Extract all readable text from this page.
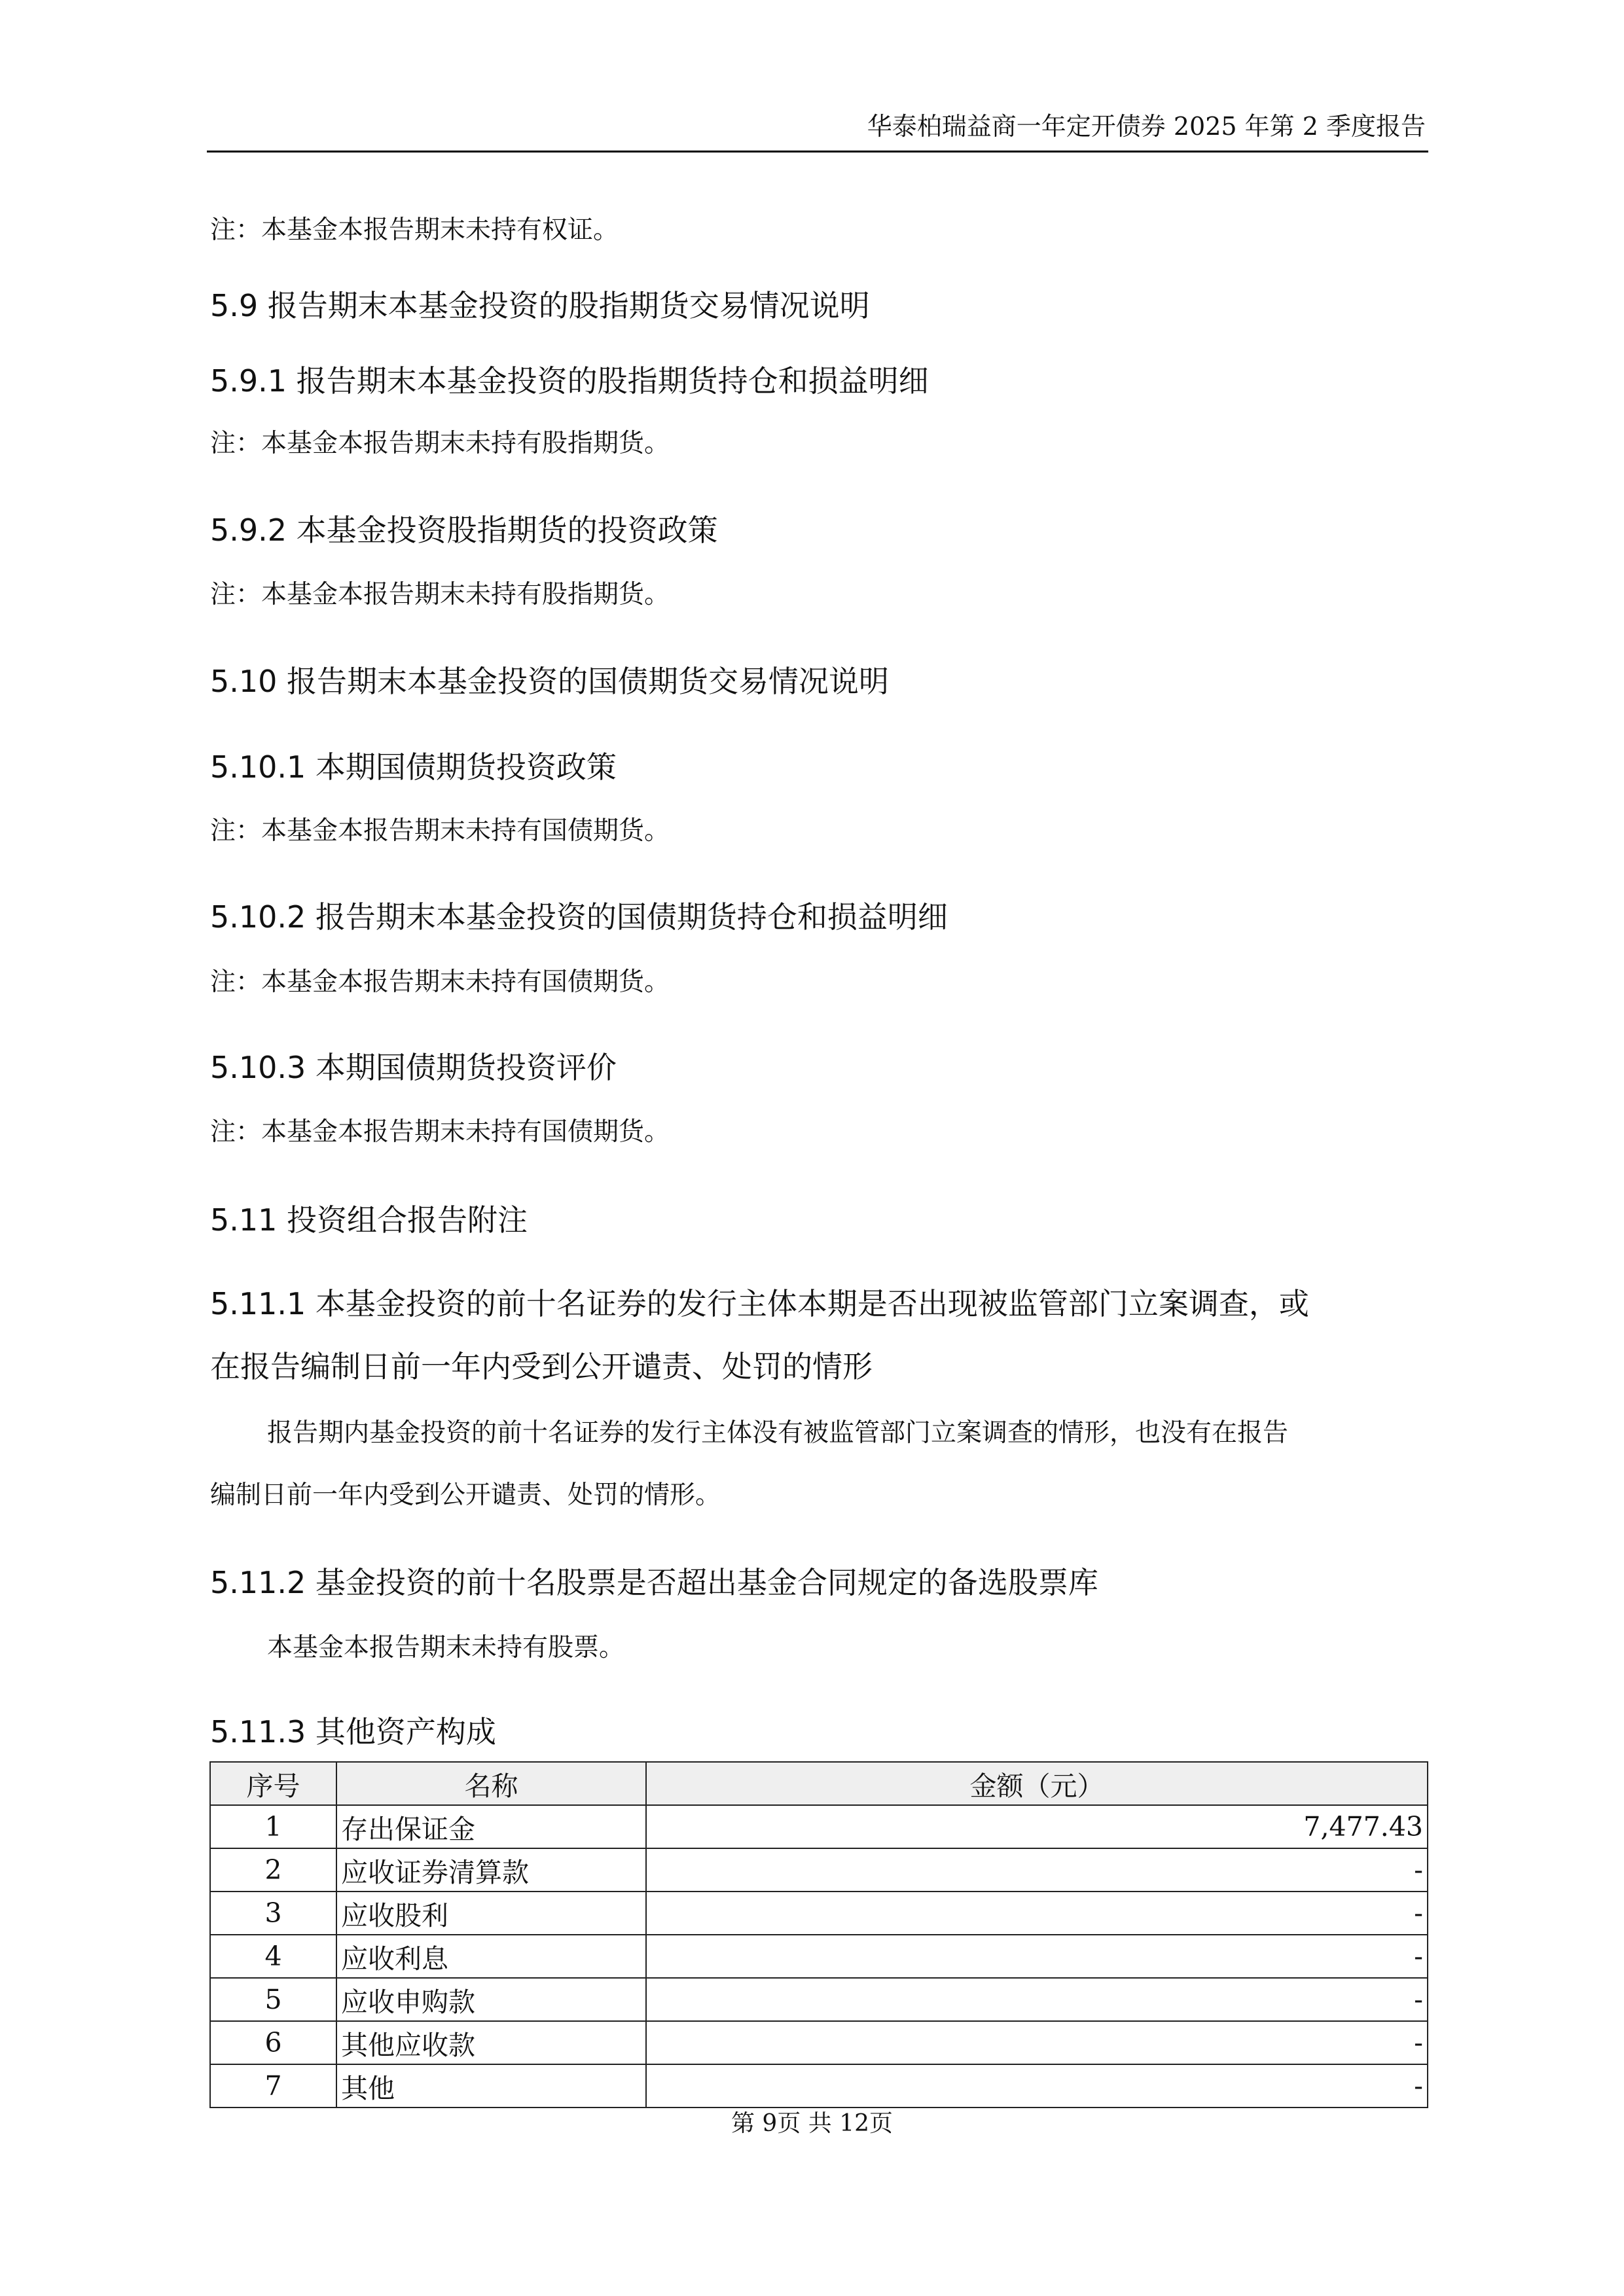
华泰柏瑞益商一年定开债券 2025 年第 2 季度报告
注：本基金本报告期末未持有权证。
5.9 报告期末本基金投资的股指期货交易情况说明
5.9.1 报告期末本基金投资的股指期货持仓和损益明细
注：本基金本报告期末未持有股指期货。
5.9.2 本基金投资股指期货的投资政策
注：本基金本报告期末未持有股指期货。
5.10 报告期末本基金投资的国债期货交易情况说明
5.10.1 本期国债期货投资政策
注：本基金本报告期末未持有国债期货。
5.10.2 报告期末本基金投资的国债期货持仓和损益明细
注：本基金本报告期末未持有国债期货。
5.10.3 本期国债期货投资评价
注：本基金本报告期末未持有国债期货。
5.11 投资组合报告附注
5.11.1 本基金投资的前十名证券的发行主体本期是否出现被监管部门立案调查，或
在报告编制日前一年内受到公开谴责、处罚的情形
报告期内基金投资的前十名证券的发行主体没有被监管部门立案调查的情形，也没有在报告
编制日前一年内受到公开谴责、处罚的情形。
5.11.2 基金投资的前十名股票是否超出基金合同规定的备选股票库
本基金本报告期末未持有股票。
5.11.3 其他资产构成
序号	名称	金额（元）
1	存出保证金	7,477.43
2	应收证券清算款	-
3	应收股利	-
4	应收利息	-
5	应收申购款	-
6	其他应收款	-
7	其他	-
第 9页 共 12页
